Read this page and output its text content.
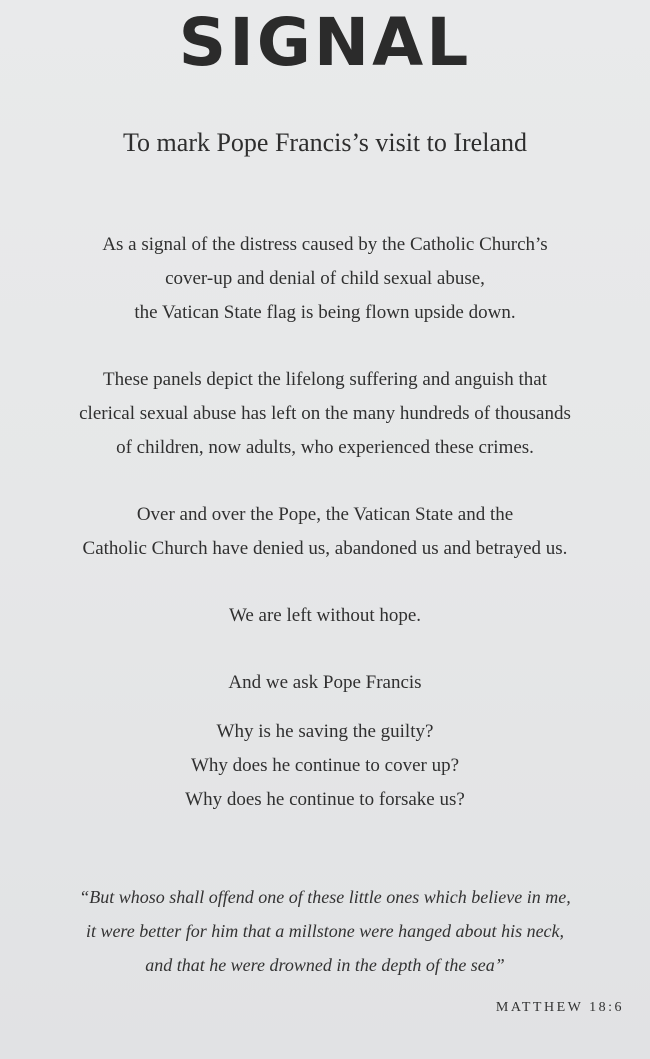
SIGNAL
To mark Pope Francis’s visit to Ireland
As a signal of the distress caused by the Catholic Church’s
cover-up and denial of child sexual abuse,
the Vatican State flag is being flown upside down.
These panels depict the lifelong suffering and anguish that
clerical sexual abuse has left on the many hundreds of thousands
of children, now adults, who experienced these crimes.
Over and over the Pope, the Vatican State and the
Catholic Church have denied us, abandoned us and betrayed us.
We are left without hope.
And we ask Pope Francis
Why is he saving the guilty?
Why does he continue to cover up?
Why does he continue to forsake us?
“But whoso shall offend one of these little ones which believe in me,
it were better for him that a millstone were hanged about his neck,
and that he were drowned in the depth of the sea”
MATTHEW 18:6
